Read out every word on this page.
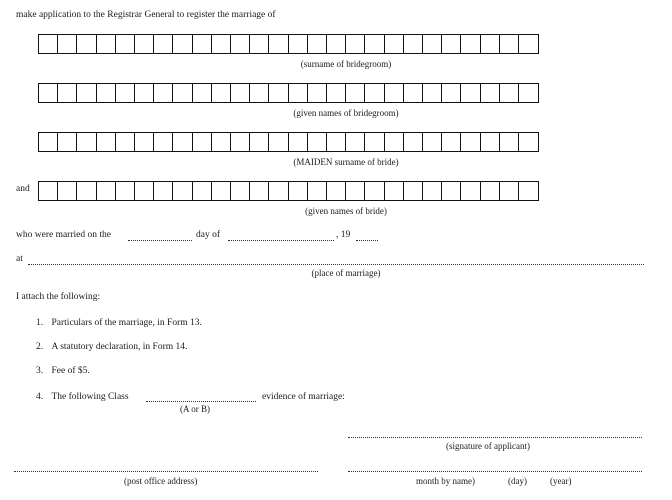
make application to the Registrar General to register the marriage of
(surname of bridegroom)
(given names of bridegroom)
(MAIDEN surname of bride)
and
(given names of bride)
who were married on the	day of	, 19
at
(place of marriage)
I attach the following:
1. Particulars of the marriage, in Form 13.
2. A statutory declaration, in Form 14.
3. Fee of $5.
4. The following Class	evidence of marriage:
(A or B)
(signature of applicant)
(post office address)	month by name)	(day)	(year)
